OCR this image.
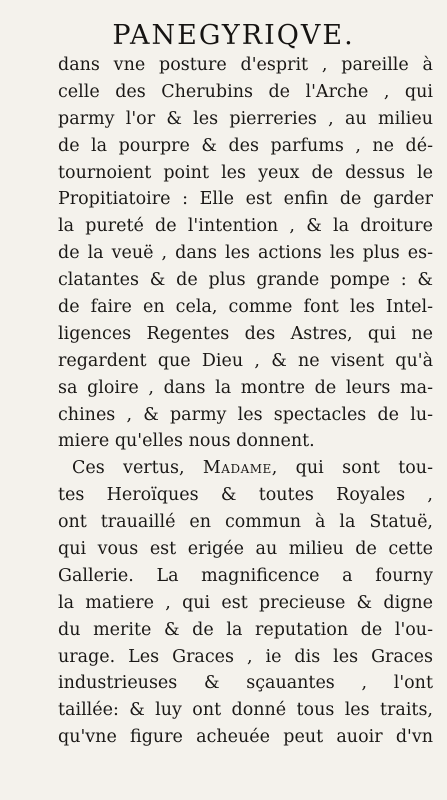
PANEGYRIQVE.
dans vne posture d'esprit , pareille à
celle des Cherubins de l'Arche , qui
parmy l'or & les pierreries , au milieu
de la pourpre & des parfums , ne dé-
tournoient point les yeux de dessus le
Propitiatoire : Elle est enfin de garder
la pureté de l'intention , & la droiture
de la veuë , dans les actions les plus es-
clatantes & de plus grande pompe : &
de faire en cela, comme font les Intel-
ligences Regentes des Astres, qui ne
regardent que Dieu , & ne visent qu'à
sa gloire , dans la montre de leurs ma-
chines , & parmy les spectacles de lu-
miere qu'elles nous donnent.
Ces vertus, Madame, qui sont tou-
tes Heroïques & toutes Royales ,
ont trauaillé en commun à la Statuë,
qui vous est erigée au milieu de cette
Gallerie. La magnificence a fourny
la matiere , qui est precieuse & digne
du merite & de la reputation de l'ou-
urage. Les Graces , ie dis les Graces
industrieuses & sçauantes , l'ont
taillée: & luy ont donné tous les traits,
qu'vne figure acheuée peut auoir d'vn
